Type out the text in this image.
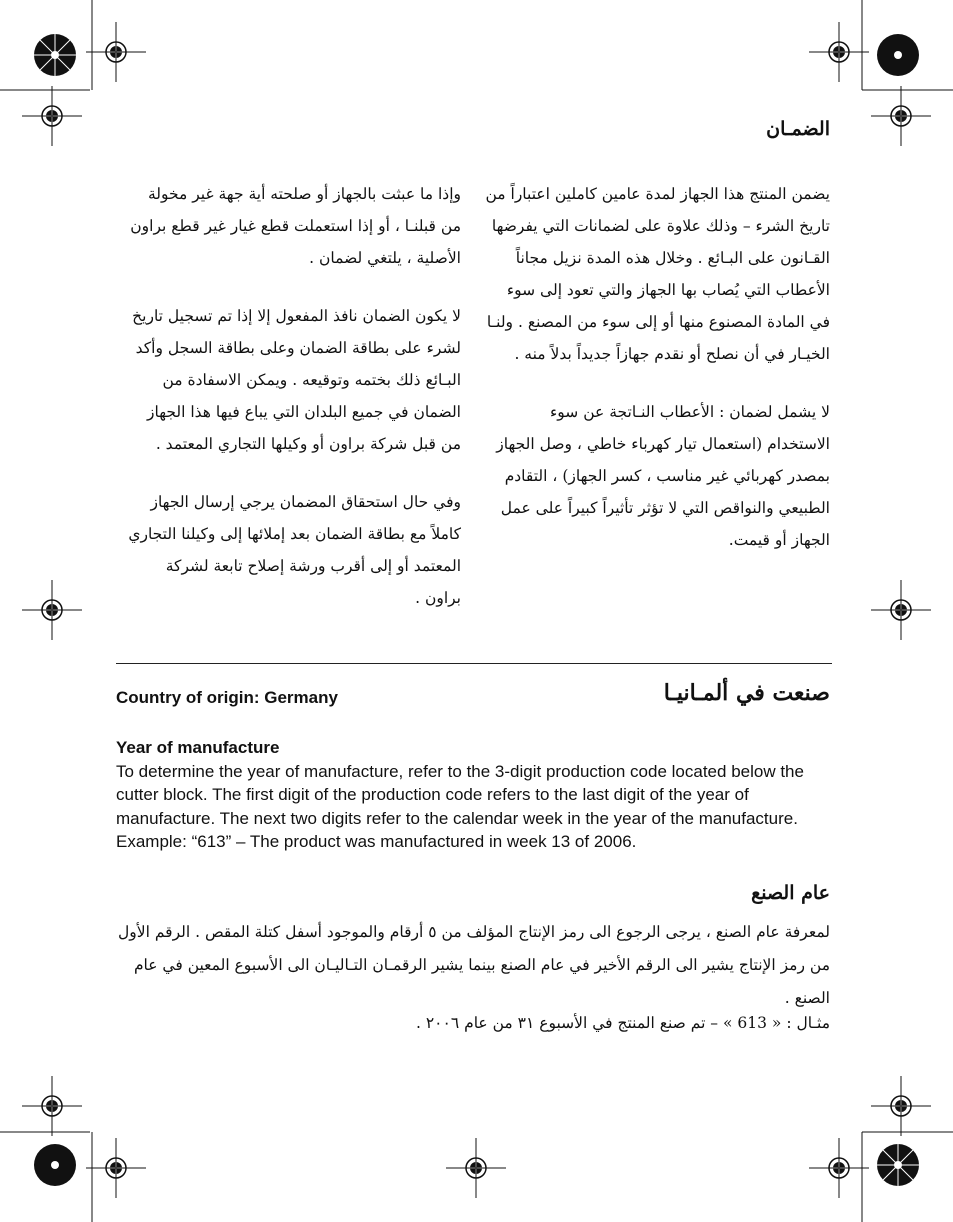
الضمـان

يضمن المنتج هذا الجهاز لمدة عامين كاملين اعتباراً من تاريخ الشرء – وذلك علاوة على لضمانات التي يفرضها القـانون على البـائع . وخلال هذه المدة نزيل مجاناً الأعطاب التي يُصاب بها الجهاز والتي تعود إلى سوء في المادة المصنوع منها أو إلى سوء من المصنع . ولنـا الخيـار في أن نصلح أو نقدم جهازاً جديداً بدلاً منه .

لا يشمل لضمان : الأعطاب النـاتجة عن سوء الاستخدام (استعمال تيار كهرباء خاطي ، وصل الجهاز بمصدر كهربائي غير مناسب ، كسر الجهاز) ، التقادم الطبيعي والنواقص التي لا تؤثر تأثيراً كبيراً على عمل الجهاز أو قيمت.

وإذا ما عبثت بالجهاز أو صلحته أية جهة غير مخولة من قبلنـا ، أو إذا استعملت قطع غيار غير قطع براون الأصلية ، يلتغي لضمان .

لا يكون الضمان نافذ المفعول إلا إذا تم تسجيل تاريخ لشرء على بطاقة الضمان وعلى بطاقة السجل وأكد البـائع ذلك بختمه وتوقيعه . ويمكن الاسفادة من الضمان في جميع البلدان التي يباع فيها هذا الجهاز من قبل شركة براون أو وكيلها التجاري المعتمد .

وفي حال استحقاق المضمان يرجي إرسال الجهاز كاملاً مع بطاقة الضمان بعد إملائها إلى وكيلنا التجاري المعتمد أو إلى أقرب ورشة إصلاح تابعة لشركة براون .

Country of origin: Germany	صنعت في ألمـانيـا
Year of manufacture
To determine the year of manufacture, refer to the 3-digit production code located below the cutter block. The first digit of the production code refers to the last digit of the year of manufacture. The next two digits refer to the calendar week in the year of the manufacture.
Example: “613” – The product was manufactured in week 13 of 2006.
عام الصنع
لمعرفة عام الصنع ، يرجى الرجوع الى رمز الإنتاج المؤلف من ٥ أرقام والموجود أسفل كتلة المقص . الرقم الأول من رمز الإنتاج يشير الى الرقم الأخير في عام الصنع بينما يشير الرقمـان التـاليـان الى الأسبوع المعين في عام الصنع .
مثـال : « 613 » – تم صنع المنتج في الأسبوع ٣١ من عام ٢٠٠٦ .
